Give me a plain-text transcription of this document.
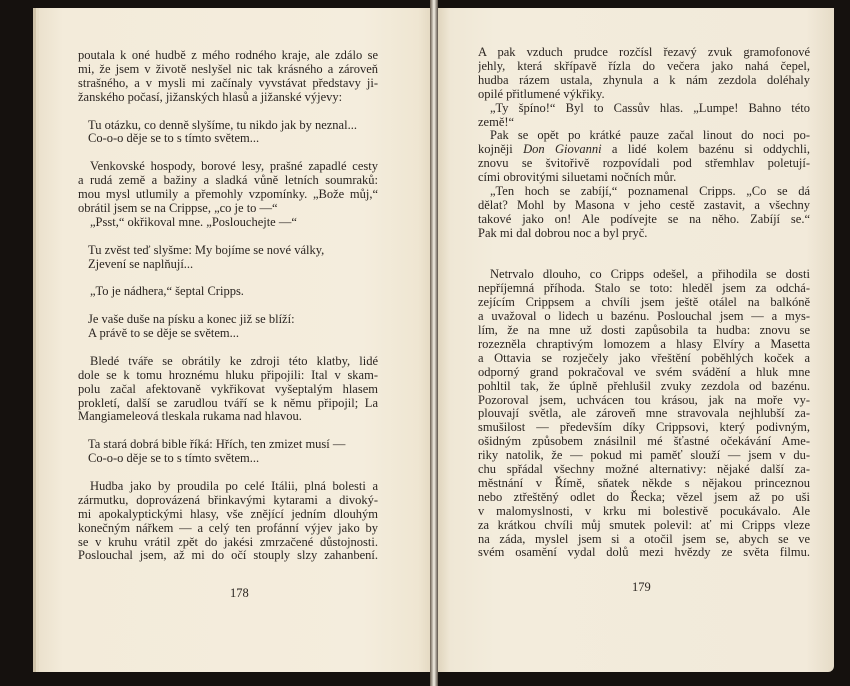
poutala k oné hudbě z mého rodného kraje, ale zdálo se
mi, že jsem v životě neslyšel nic tak krásného a zároveň
strašného, a v mysli mi začínaly vyvstávat představy ji-
žanského počasí, jižanských hlasů a jižanské výjevy:
Tu otázku, co denně slyšíme, tu nikdo jak by neznal...
Co-o-o děje se to s tímto světem...
Venkovské hospody, borové lesy, prašné zapadlé cesty
a rudá země a bažiny a sladká vůně letních soumraků:
mou mysl utlumily a přemohly vzpomínky. „Bože můj,“
obrátil jsem se na Crippse, „co je to —“
„Psst,“ okřikoval mne. „Poslouchejte —“
Tu zvěst teď slyšme: My bojíme se nové války,
Zjevení se naplňují...
„To je nádhera,“ šeptal Cripps.
Je vaše duše na písku a konec již se blíží:
A právě to se děje se světem...
Bledé tváře se obrátily ke zdroji této klatby, lidé
dole se k tomu hroznému hluku připojili: Ital v skam-
polu začal afektovaně vykřikovat vyšeptalým hlasem
prokletí, další se zarudlou tváří se k němu připojil; La
Mangiameleová tleskala rukama nad hlavou.
Ta stará dobrá bible říká: Hřích, ten zmizet musí —
Co-o-o děje se to s tímto světem...
Hudba jako by proudila po celé Itálii, plná bolesti a
zármutku, doprovázená břinkavými kytarami a divoký-
mi apokalyptickými hlasy, vše znějící jedním dlouhým
konečným nářkem — a celý ten profánní výjev jako by
se v kruhu vrátil zpět do jakési zmrzačené důstojnosti.
Poslouchal jsem, až mi do očí stouply slzy zahanbení.
178
A pak vzduch prudce rozčísl řezavý zvuk gramofonové
jehly, která skřípavě řízla do večera jako nahá čepel,
hudba rázem ustala, zhynula a k nám zezdola doléhaly
opilé přitlumené výkřiky.
„Ty špíno!“ Byl to Cassův hlas. „Lumpe! Bahno této
země!“
Pak se opět po krátké pauze začal linout do noci po-
kojněji Don Giovanni a lidé kolem bazénu si oddychli,
znovu se švitořivě rozpovídali pod střemhlav poletují-
cími obrovitými siluetami nočních můr.
„Ten hoch se zabíjí,“ poznamenal Cripps. „Co se dá
dělat? Mohl by Masona v jeho cestě zastavit, a všechny
takové jako on! Ale podívejte se na něho. Zabíjí se.“
Pak mi dal dobrou noc a byl pryč.
Netrvalo dlouho, co Cripps odešel, a přihodila se dosti
nepříjemná příhoda. Stalo se toto: hleděl jsem za odchá-
zejícím Crippsem a chvíli jsem ještě otálel na balkóně
a uvažoval o lidech u bazénu. Poslouchal jsem — a mys-
lím, že na mne už dosti zapůsobila ta hudba: znovu se
rozezněla chraptivým lomozem a hlasy Elvíry a Masetta
a Ottavia se rozječely jako vřeštění poběhlých koček a
odporný grand pokračoval ve svém svádění a hluk mne
pohltil tak, že úplně přehlušil zvuky zezdola od bazénu.
Pozoroval jsem, uchvácen tou krásou, jak na moře vy-
plouvají světla, ale zároveň mne stravovala nejhlubší za-
smušilost — především díky Crippsovi, který podivným,
ošidným způsobem znásilnil mé šťastné očekávání Ame-
riky natolik, že — pokud mi paměť slouží — jsem v du-
chu spřádal všechny možné alternativy: nějaké další za-
městnání v Římě, sňatek někde s nějakou princeznou
nebo ztřeštěný odlet do Řecka; vězel jsem až po uši
v malomyslnosti, v krku mi bolestivě pocukávalo. Ale
za krátkou chvíli můj smutek polevil: ať mi Cripps vleze
na záda, myslel jsem si a otočil jsem se, abych se ve
svém osamění vydal dolů mezi hvězdy ze světa filmu.
179
